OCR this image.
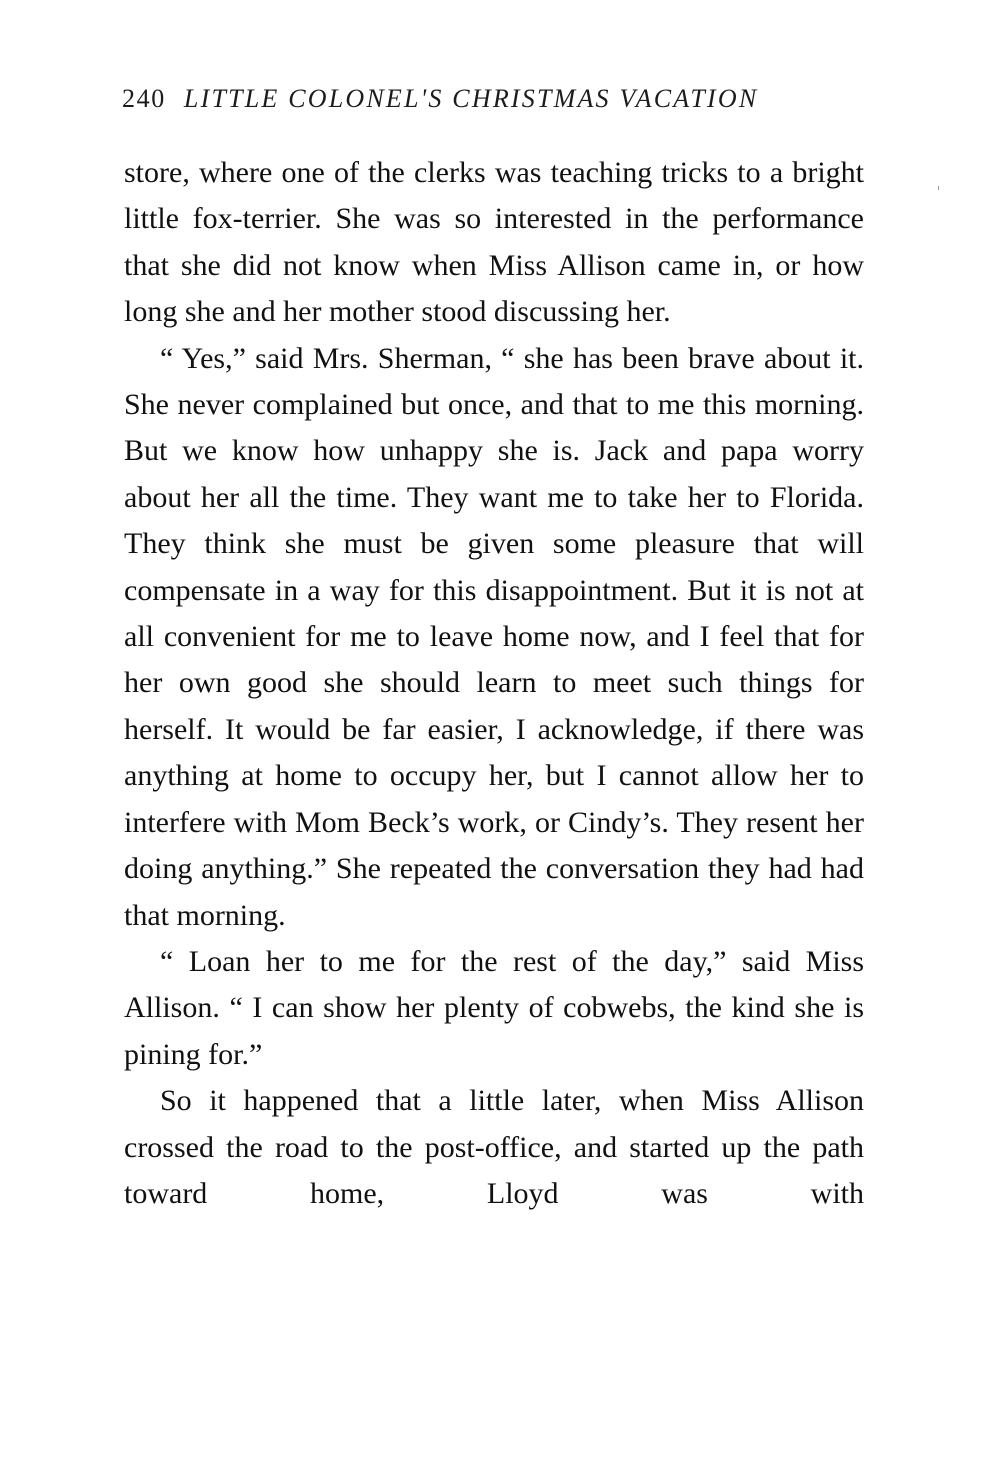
240 LITTLE COLONEL'S CHRISTMAS VACATION

store, where one of the clerks was teaching tricks to a bright little fox-terrier. She was so interested in the performance that she did not know when Miss Allison came in, or how long she and her mother stood discussing her.

“ Yes,” said Mrs. Sherman, “ she has been brave about it. She never complained but once, and that to me this morning. But we know how unhappy she is. Jack and papa worry about her all the time. They want me to take her to Florida. They think she must be given some pleasure that will compensate in a way for this disappointment. But it is not at all convenient for me to leave home now, and I feel that for her own good she should learn to meet such things for herself. It would be far easier, I acknowledge, if there was anything at home to occupy her, but I cannot allow her to interfere with Mom Beck’s work, or Cindy’s. They resent her doing anything.” She repeated the conversation they had had that morning.

“ Loan her to me for the rest of the day,” said Miss Allison. “ I can show her plenty of cobwebs, the kind she is pining for.”

So it happened that a little later, when Miss Allison crossed the road to the post-office, and started up the path toward home, Lloyd was with
